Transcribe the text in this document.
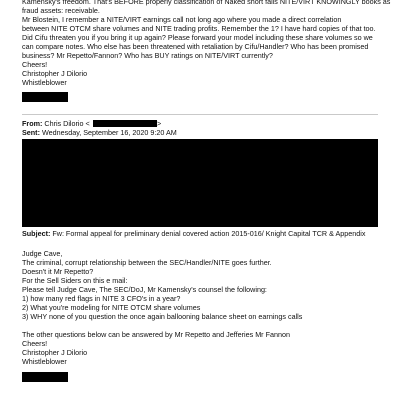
Kamensky's freedom. That's BEFORE properly classification of Naked short fails NITE/VIRT KNOWINGLY books as
fraud assets: receivable.
Mr Blostein, I remember a NITE/VIRT earnings call not long ago where you made a direct correlation
between NITE OTCM share volumes and NITE trading profits. Remember the 1? I have hard copies of that too.
Did Cifu threaten you if you bring it up again? Please forward your model including these share volumes so we
can compare notes. Who else has been threatened with retaliation by Cifu/Handler? Who has been promised
business? Mr Repetto/Fannon? Who has BUY ratings on NITE/VIRT currently?
Cheers!
Christopher J Dilorio
Whistleblower
From: Chris Dilorio <	>
Sent: Wednesday, September 16, 2020 9:20 AM
Subject: Fw: Formal appeal for preliminary denial covered action 2015-016/ Knight Capital TCR & Appendix
Judge Cave,
The criminal, corrupt relationship between the SEC/Handler/NITE goes further.
Doesn't it Mr Repetto?
For the Sell Siders on this e mail:
Please tell Judge Cave, The SEC/DoJ, Mr Kamensky's counsel the following:
1) how many red flags in NITE 3 CFO's in a year?
2) What you're modeling for NITE OTCM share volumes
3) WHY none of you question the once again ballooning balance sheet on earnings calls
The other questions below can be answered by Mr Repetto and Jefferies Mr Fannon
Cheers!
Christopher J Dilorio
Whistleblower
